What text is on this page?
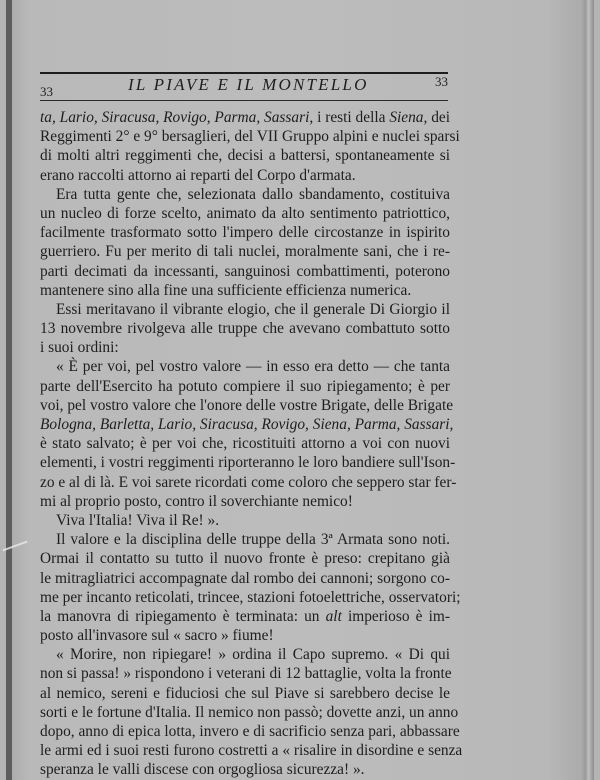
33	IL PIAVE E IL MONTELLO	33
ta, Lario, Siracusa, Rovigo, Parma, Sassari, i resti della Siena, dei
Reggimenti 2° e 9° bersaglieri, del VII Gruppo alpini e nuclei sparsi
di molti altri reggimenti che, decisi a battersi, spontaneamente si
erano raccolti attorno ai reparti del Corpo d'armata.
Era tutta gente che, selezionata dallo sbandamento, costituiva
un nucleo di forze scelto, animato da alto sentimento patriottico,
facilmente trasformato sotto l'impero delle circostanze in ispirito
guerriero. Fu per merito di tali nuclei, moralmente sani, che i re-
parti decimati da incessanti, sanguinosi combattimenti, poterono
mantenere sino alla fine una sufficiente efficienza numerica.
Essi meritavano il vibrante elogio, che il generale Di Giorgio il
13 novembre rivolgeva alle truppe che avevano combattuto sotto
i suoi ordini:
« È per voi, pel vostro valore — in esso era detto — che tanta
parte dell'Esercito ha potuto compiere il suo ripiegamento; è per
voi, pel vostro valore che l'onore delle vostre Brigate, delle Brigate
Bologna, Barletta, Lario, Siracusa, Rovigo, Siena, Parma, Sassari,
è stato salvato; è per voi che, ricostituiti attorno a voi con nuovi
elementi, i vostri reggimenti riporteranno le loro bandiere sull'Ison-
zo e al di là. E voi sarete ricordati come coloro che seppero star fer-
mi al proprio posto, contro il soverchiante nemico!
Viva l'Italia! Viva il Re! ».
Il valore e la disciplina delle truppe della 3ª Armata sono noti.
Ormai il contatto su tutto il nuovo fronte è preso: crepitano già
le mitragliatrici accompagnate dal rombo dei cannoni; sorgono co-
me per incanto reticolati, trincee, stazioni fotoelettriche, osservatori;
la manovra di ripiegamento è terminata: un alt imperioso è im-
posto all'invasore sul « sacro » fiume!
« Morire, non ripiegare! » ordina il Capo supremo. « Di qui
non si passa! » rispondono i veterani di 12 battaglie, volta la fronte
al nemico, sereni e fiduciosi che sul Piave si sarebbero decise le
sorti e le fortune d'Italia. Il nemico non passò; dovette anzi, un anno
dopo, anno di epica lotta, invero e di sacrificio senza pari, abbassare
le armi ed i suoi resti furono costretti a « risalire in disordine e senza
speranza le valli discese con orgogliosa sicurezza! ».
